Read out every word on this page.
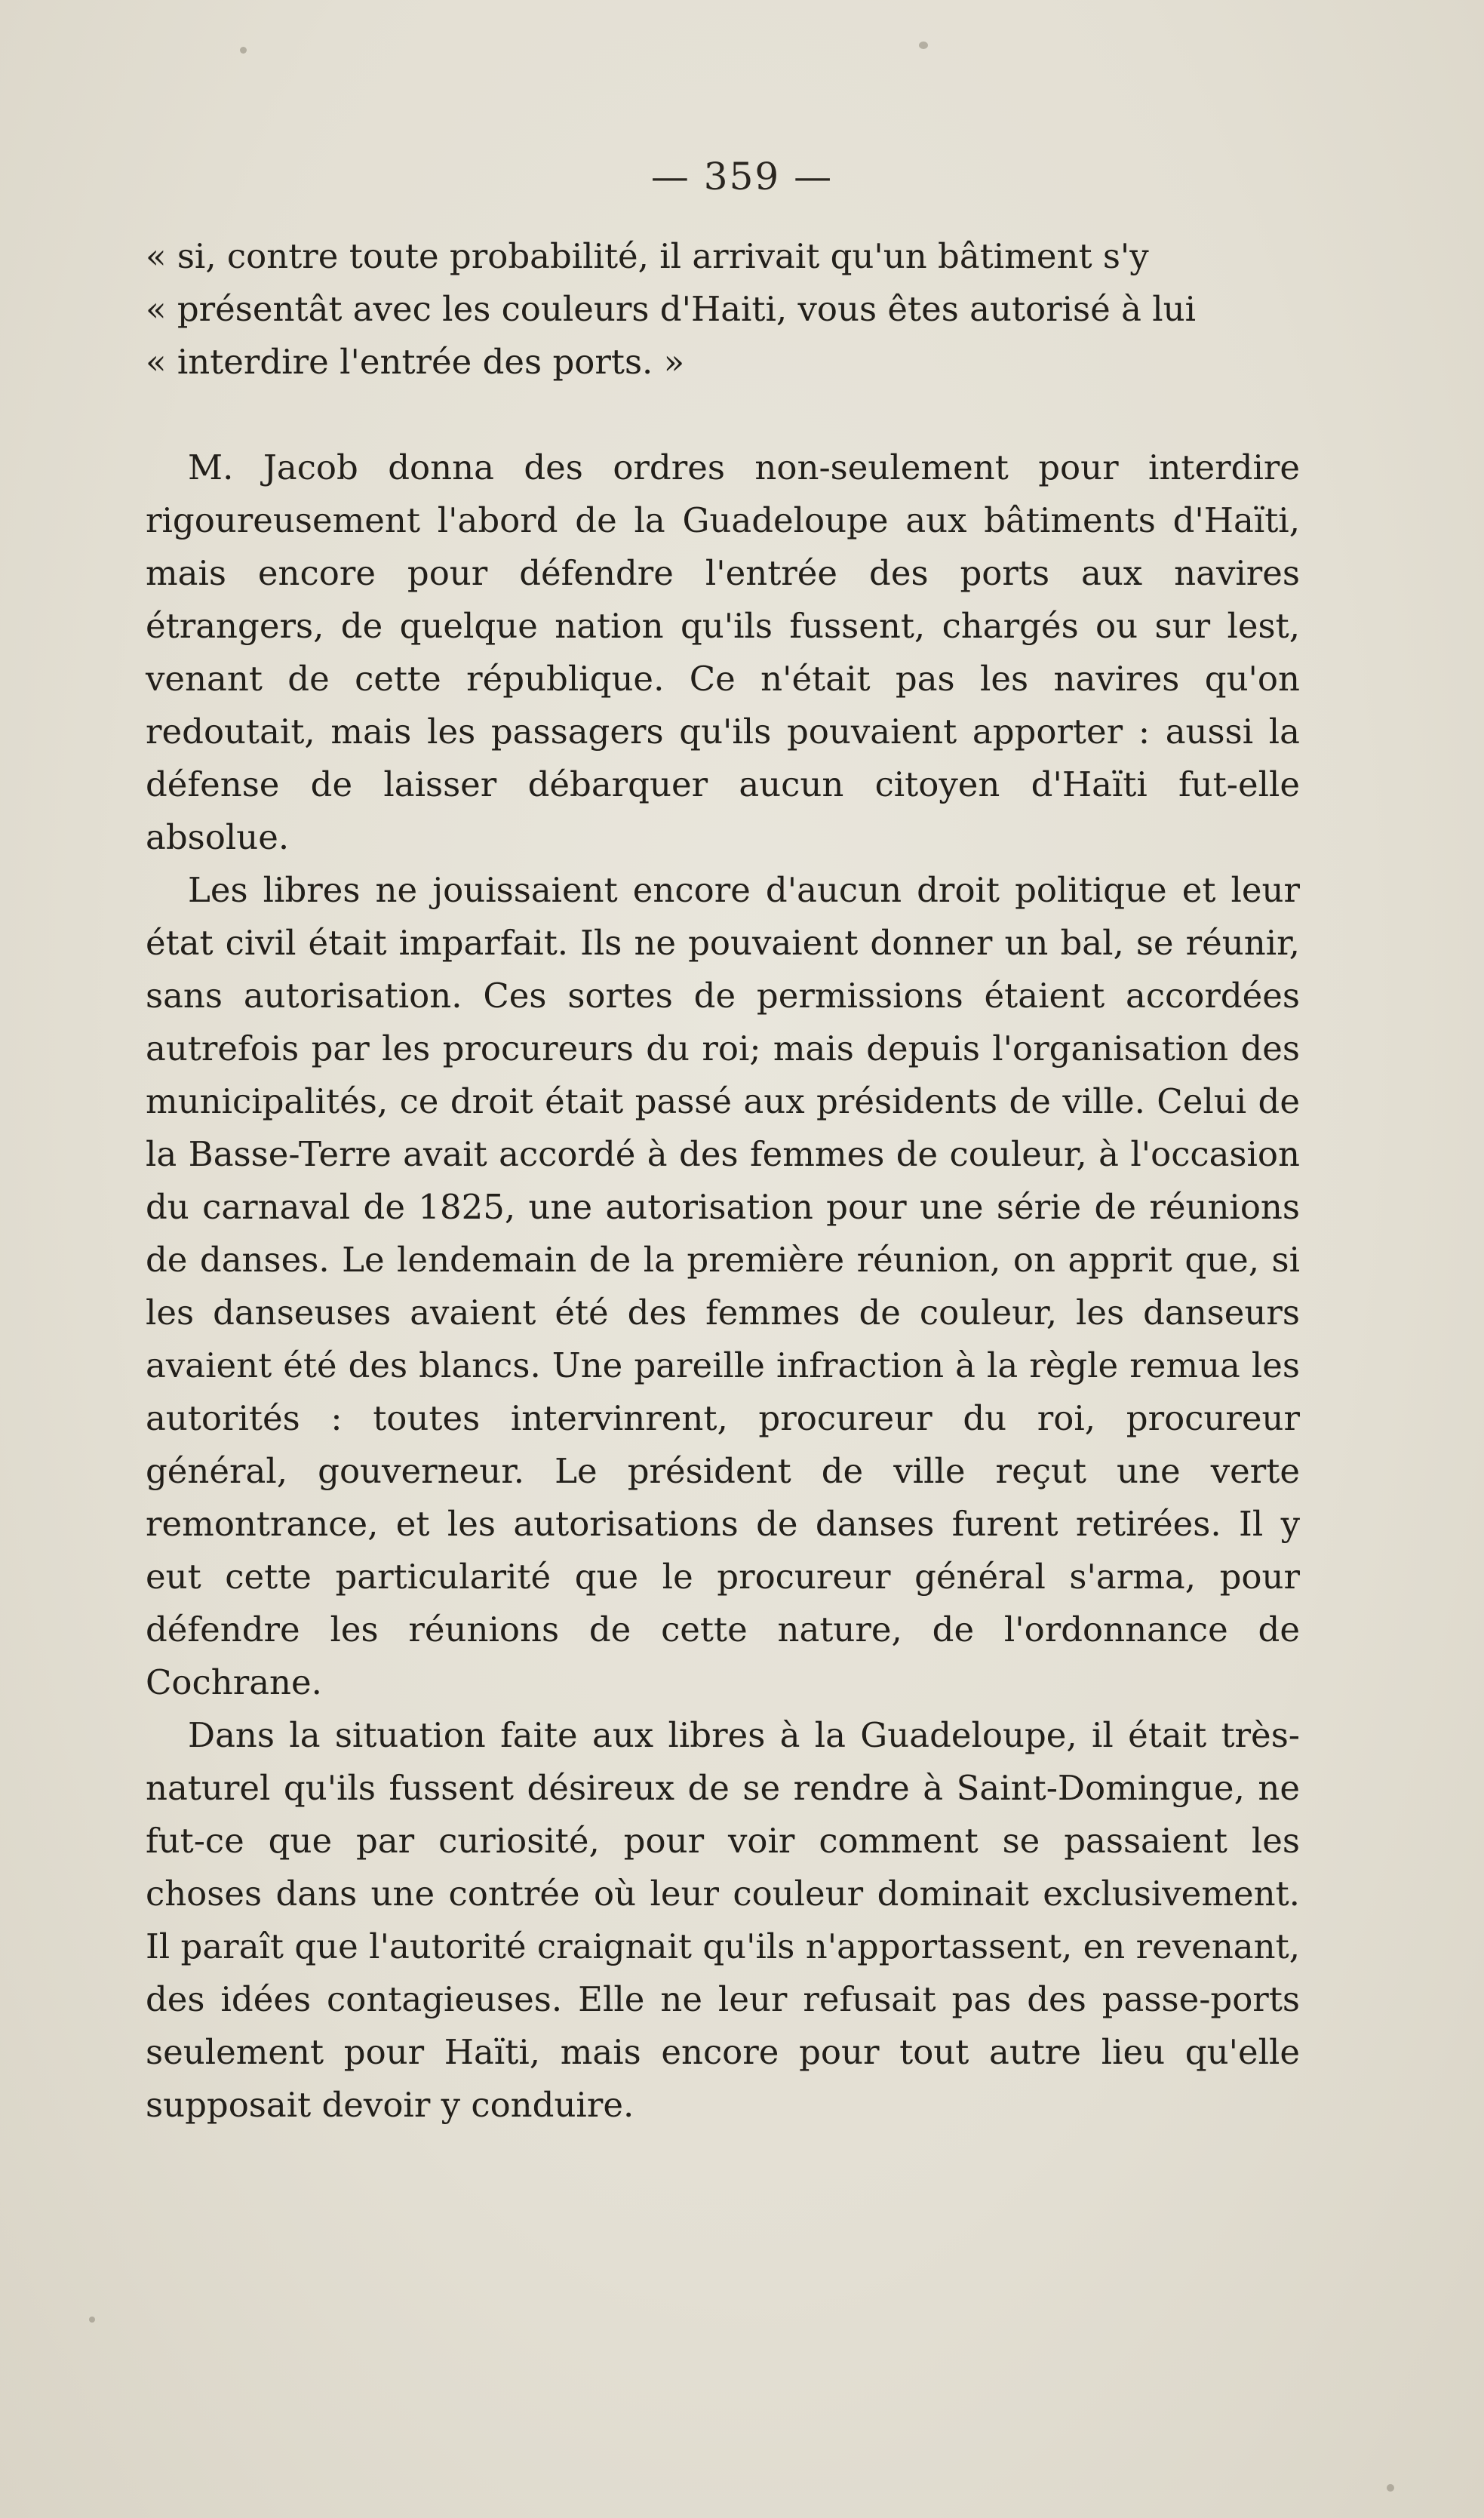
— 359 —
« si, contre toute probabilité, il arrivait qu'un bâtiment s'y
« présentât avec les couleurs d'Haiti, vous êtes autorisé à lui
« interdire l'entrée des ports. »

M. Jacob donna des ordres non-seulement pour interdire rigoureusement l'abord de la Guadeloupe aux bâtiments d'Haïti, mais encore pour défendre l'entrée des ports aux navires étrangers, de quelque nation qu'ils fussent, chargés ou sur lest, venant de cette république. Ce n'était pas les navires qu'on redoutait, mais les passagers qu'ils pouvaient apporter : aussi la défense de laisser débarquer aucun citoyen d'Haïti fut-elle absolue.

Les libres ne jouissaient encore d'aucun droit politique et leur état civil était imparfait. Ils ne pouvaient donner un bal, se réunir, sans autorisation. Ces sortes de permissions étaient accordées autrefois par les procureurs du roi; mais depuis l'organisation des municipalités, ce droit était passé aux présidents de ville. Celui de la Basse-Terre avait accordé à des femmes de couleur, à l'occasion du carnaval de 1825, une autorisation pour une série de réunions de danses. Le lendemain de la première réunion, on apprit que, si les danseuses avaient été des femmes de couleur, les danseurs avaient été des blancs. Une pareille infraction à la règle remua les autorités : toutes intervinrent, procureur du roi, procureur général, gouverneur. Le président de ville reçut une verte remontrance, et les autorisations de danses furent retirées. Il y eut cette particularité que le procureur général s'arma, pour défendre les réunions de cette nature, de l'ordonnance de Cochrane.

Dans la situation faite aux libres à la Guadeloupe, il était très-naturel qu'ils fussent désireux de se rendre à Saint-Domingue, ne fut-ce que par curiosité, pour voir comment se passaient les choses dans une contrée où leur couleur dominait exclusivement. Il paraît que l'autorité craignait qu'ils n'apportassent, en revenant, des idées contagieuses. Elle ne leur refusait pas des passe-ports seulement pour Haïti, mais encore pour tout autre lieu qu'elle supposait devoir y conduire.
